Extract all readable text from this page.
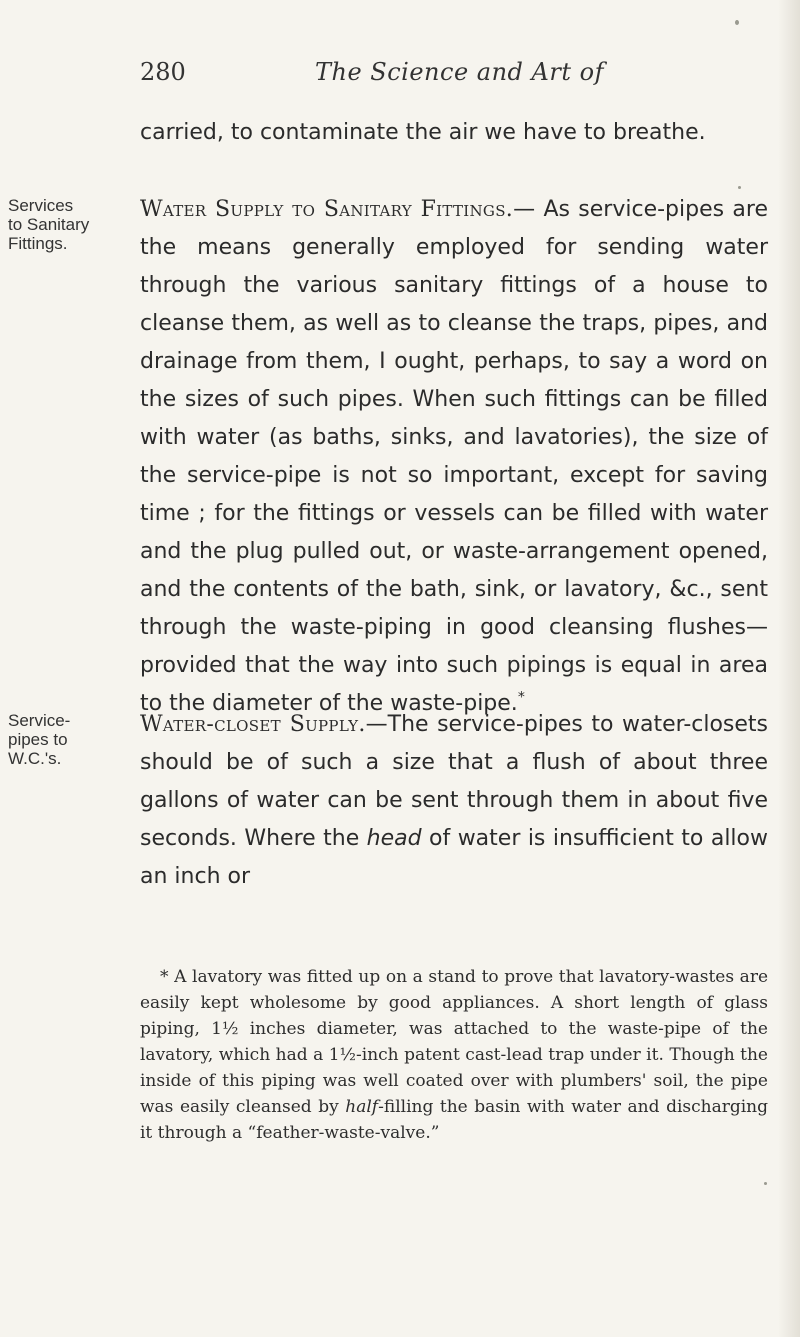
280	The Science and Art of

carried, to contaminate the air we have to breathe.

Services
to Sanitary
Fittings.

Water Supply to Sanitary Fittings.— As service-pipes are the means generally employed for sending water through the various sanitary fittings of a house to cleanse them, as well as to cleanse the traps, pipes, and drainage from them, I ought, perhaps, to say a word on the sizes of such pipes. When such fittings can be filled with water (as baths, sinks, and lavatories), the size of the service-pipe is not so important, except for saving time ; for the fittings or vessels can be filled with water and the plug pulled out, or waste-arrangement opened, and the contents of the bath, sink, or lavatory, &c., sent through the waste-piping in good cleansing flushes—provided that the way into such pipings is equal in area to the diameter of the waste-pipe.*

Service-
pipes to
W.C.'s.

Water-closet Supply.—The service-pipes to water-closets should be of such a size that a flush of about three gallons of water can be sent through them in about five seconds. Where the head of water is insufficient to allow an inch or

* A lavatory was fitted up on a stand to prove that lavatory-wastes are easily kept wholesome by good appliances. A short length of glass piping, 1½ inches diameter, was attached to the waste-pipe of the lavatory, which had a 1½-inch patent cast-lead trap under it. Though the inside of this piping was well coated over with plumbers' soil, the pipe was easily cleansed by half-filling the basin with water and discharging it through a “feather-waste-valve.”
